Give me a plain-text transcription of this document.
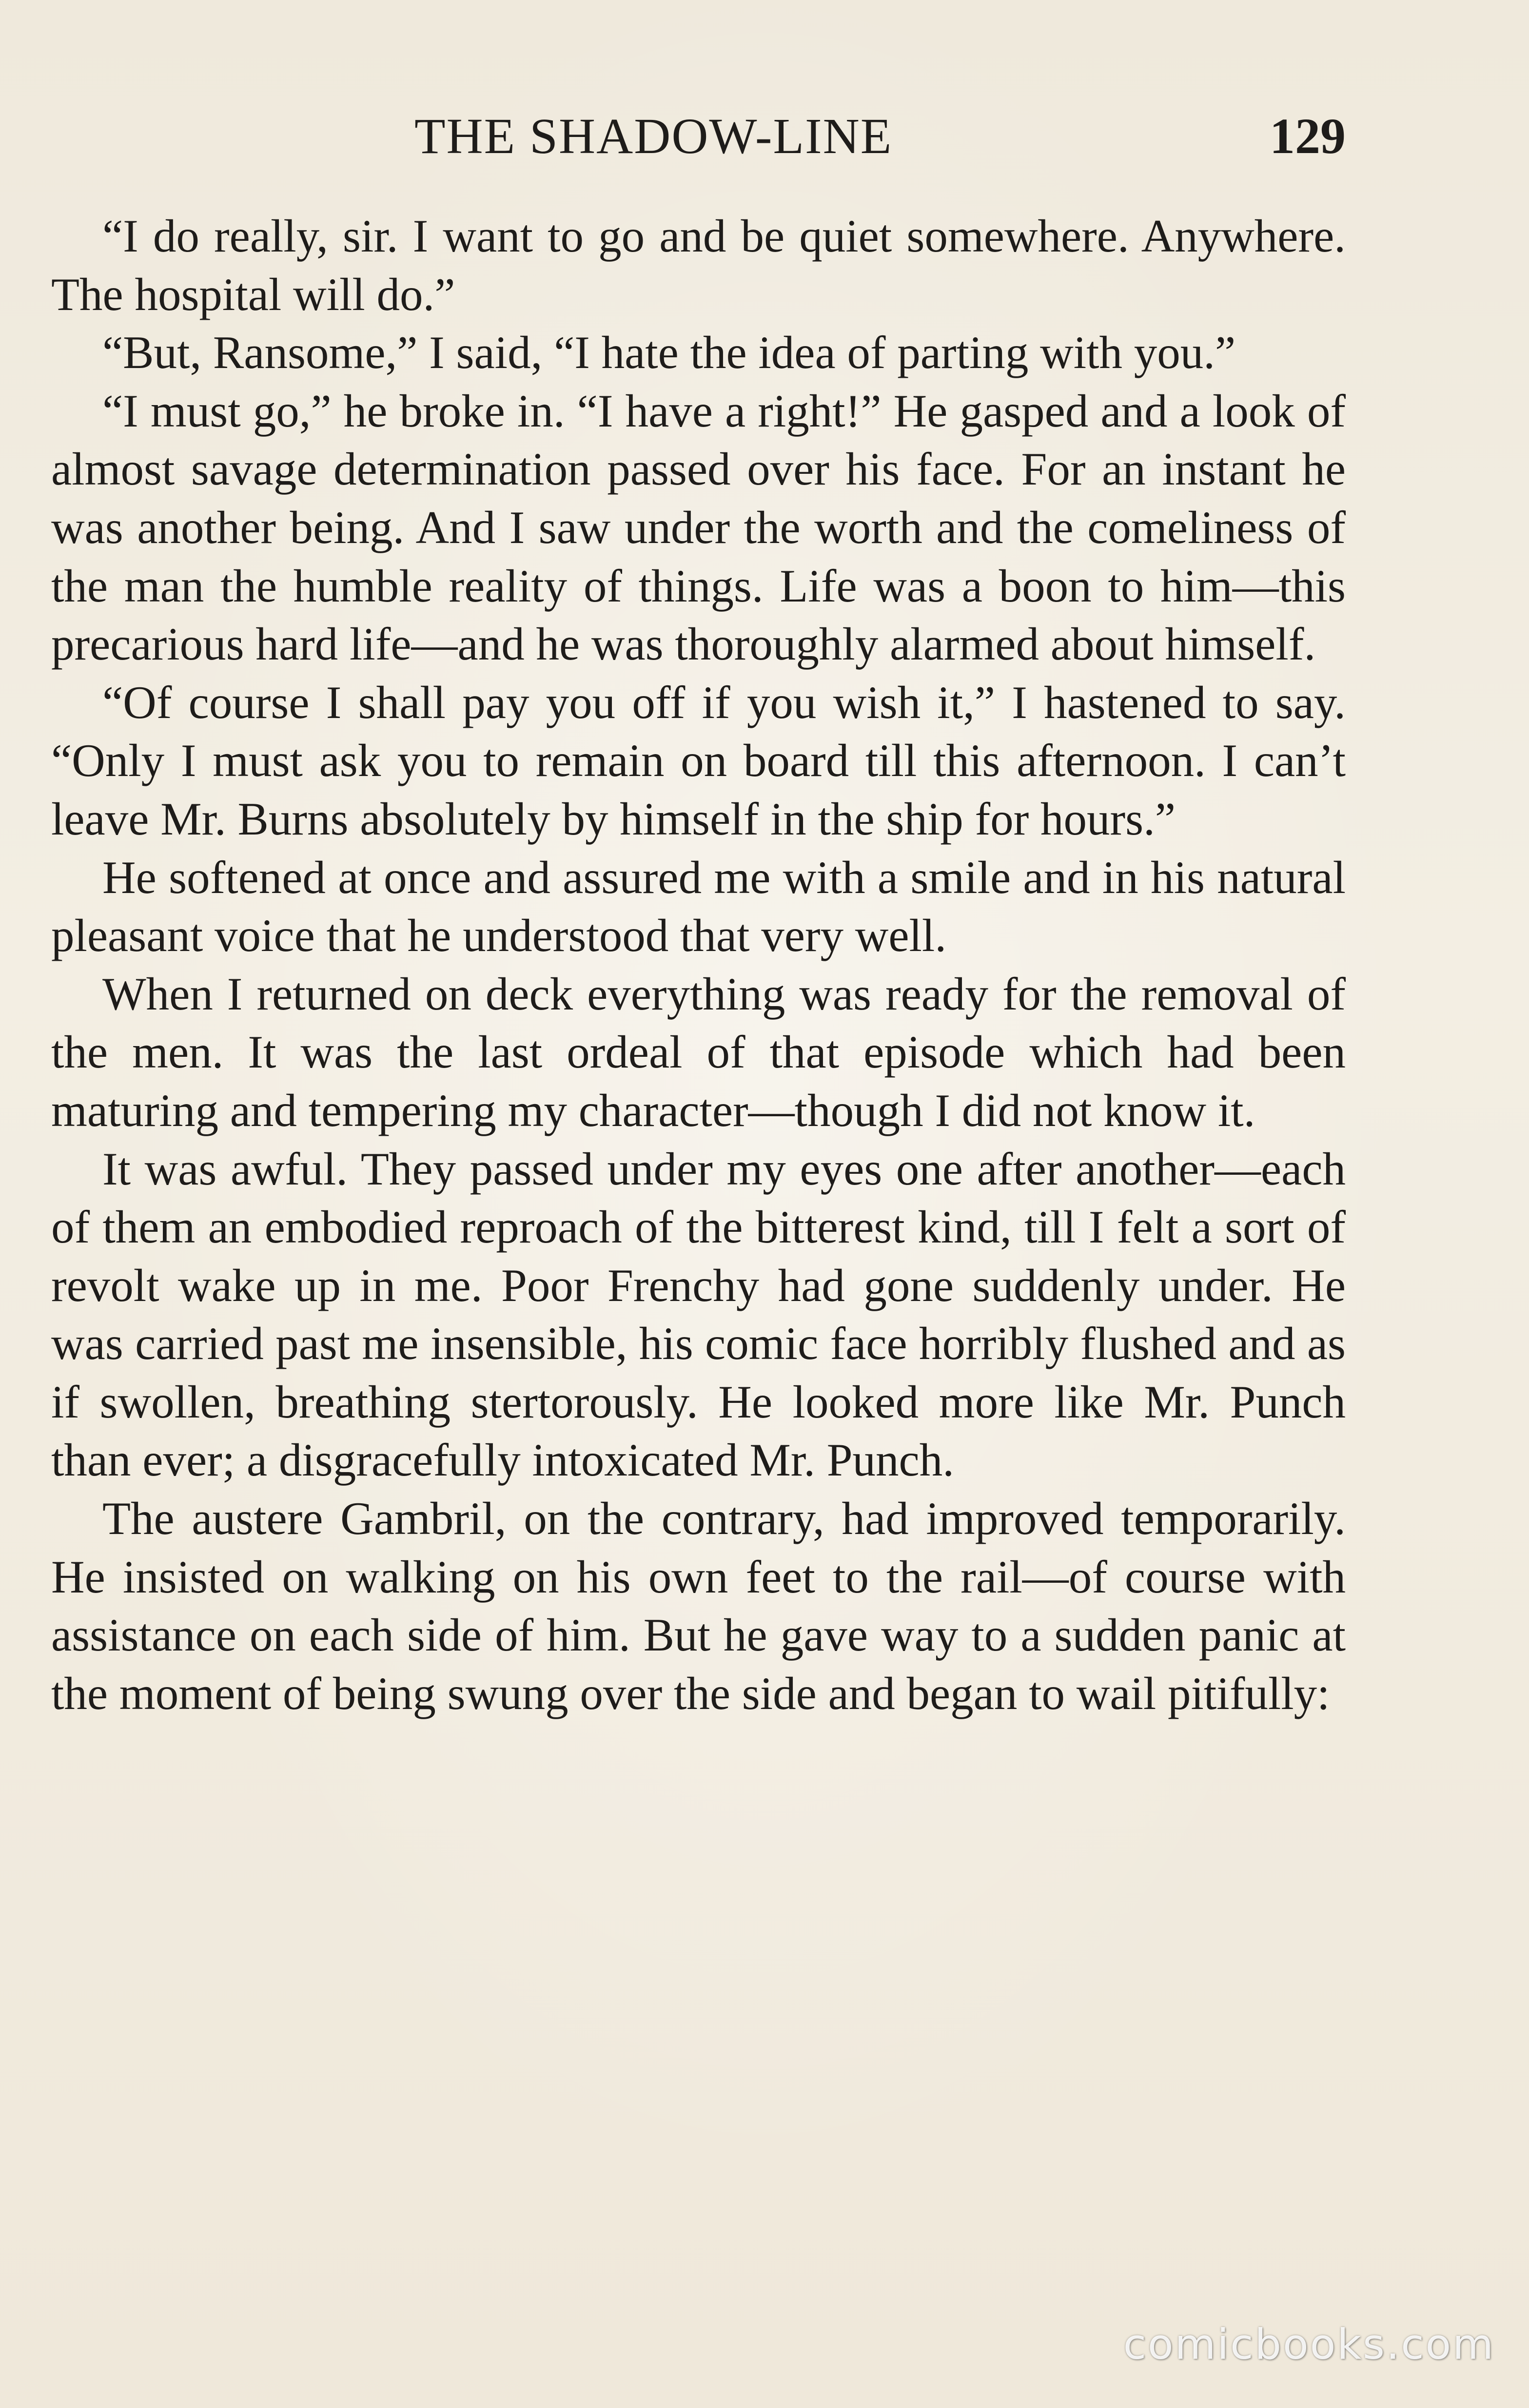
THE SHADOW-LINE	129

“I do really, sir. I want to go and be quiet somewhere. Anywhere. The hospital will do.”

“But, Ransome,” I said, “I hate the idea of parting with you.”

“I must go,” he broke in. “I have a right!” He gasped and a look of almost savage determination passed over his face. For an instant he was another being. And I saw under the worth and the comeliness of the man the humble reality of things. Life was a boon to him—this precarious hard life—and he was thoroughly alarmed about himself.

“Of course I shall pay you off if you wish it,” I hastened to say. “Only I must ask you to remain on board till this afternoon. I can’t leave Mr. Burns absolutely by himself in the ship for hours.”

He softened at once and assured me with a smile and in his natural pleasant voice that he understood that very well.

When I returned on deck everything was ready for the removal of the men. It was the last ordeal of that episode which had been maturing and tempering my character—though I did not know it.

It was awful. They passed under my eyes one after another—each of them an embodied reproach of the bitterest kind, till I felt a sort of revolt wake up in me. Poor Frenchy had gone suddenly under. He was carried past me insensible, his comic face horribly flushed and as if swollen, breathing stertorously. He looked more like Mr. Punch than ever; a disgracefully intoxicated Mr. Punch.

The austere Gambril, on the contrary, had improved temporarily. He insisted on walking on his own feet to the rail—of course with assistance on each side of him. But he gave way to a sudden panic at the moment of being swung over the side and began to wail pitifully:

comicbooks.com
